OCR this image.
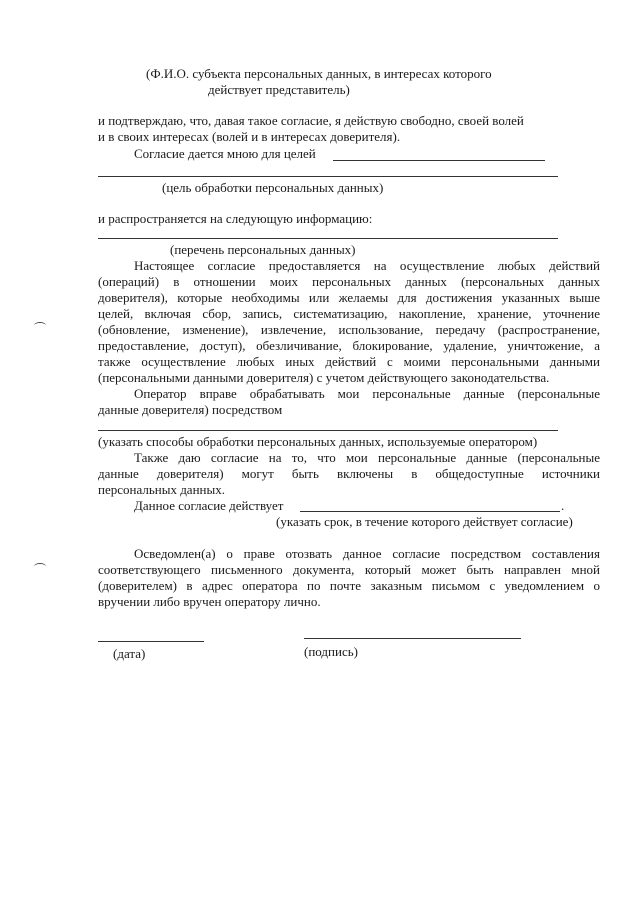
(Ф.И.О. субъекта персональных данных, в интересах которого
действует представитель)
и подтверждаю, что, давая такое согласие, я действую свободно, своей волей
и в своих интересах (волей и в интересах доверителя).
Согласие дается мною для целей
(цель обработки персональных данных)
и распространяется на следующую информацию:
(перечень персональных данных)
Настоящее согласие предоставляется на осуществление любых действий
(операций) в отношении моих персональных данных (персональных данных
доверителя), которые необходимы или желаемы для достижения указанных выше
целей, включая сбор, запись, систематизацию, накопление, хранение, уточнение
(обновление, изменение), извлечение, использование, передачу (распространение,
предоставление, доступ), обезличивание, блокирование, удаление, уничтожение, а
также осуществление любых иных действий с моими персональными данными
(персональными данными доверителя) с учетом действующего законодательства.
Оператор вправе обрабатывать мои персональные данные (персональные
данные доверителя) посредством
(указать способы обработки персональных данных, используемые оператором)
Также даю согласие на то, что мои персональные данные (персональные
данные доверителя) могут быть включены в общедоступные источники
персональных данных.
Данное согласие действует	.
(указать срок, в течение которого действует согласие)
Осведомлен(а) о праве отозвать данное согласие посредством составления
соответствующего письменного документа, который может быть направлен мной
(доверителем) в адрес оператора по почте заказным письмом с уведомлением о
вручении либо вручен оператору лично.
(дата)	(подпись)
